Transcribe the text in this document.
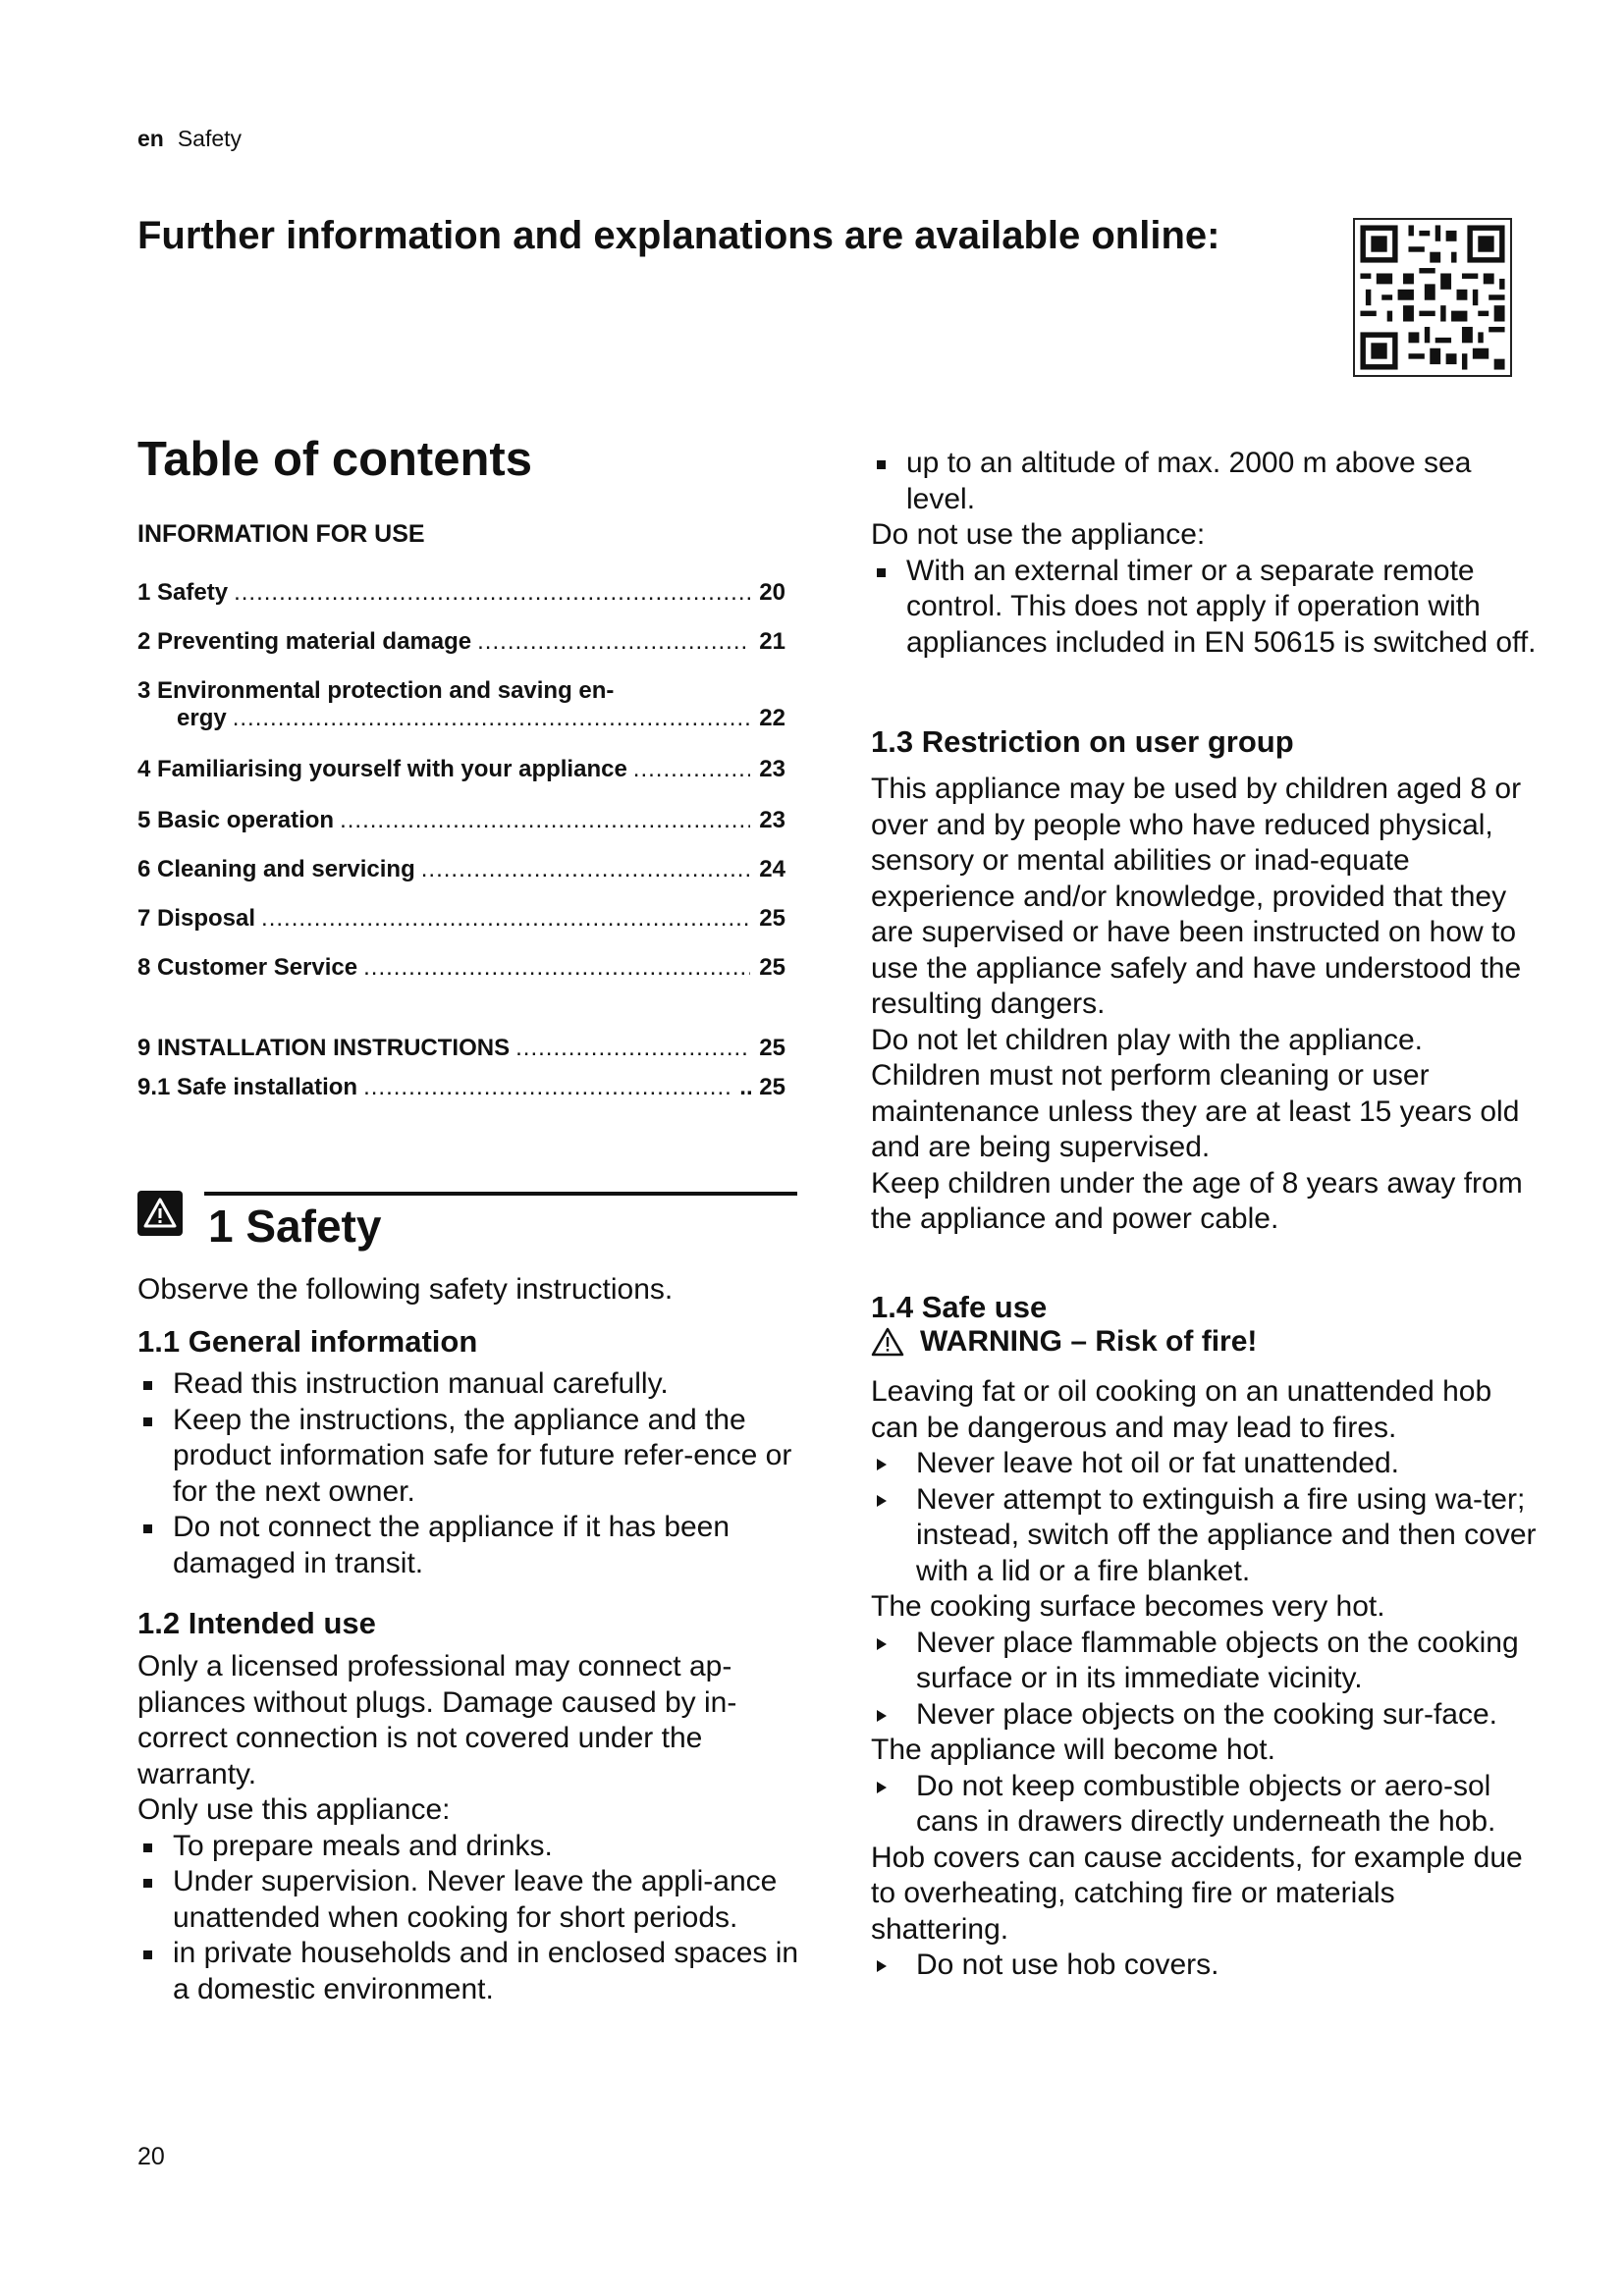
en Safety
Further information and explanations are available online:
Table of contents
INFORMATION FOR USE
1 Safety .....	20
2 Preventing material damage .....	21
3 Environmental protection and saving en-
ergy .....	22
4 Familiarising yourself with your appliance .....	23
5 Basic operation .....	23
6 Cleaning and servicing .....	24
7 Disposal .....	25
8 Customer Service .....	25
9 INSTALLATION INSTRUCTIONS .....	25
9.1 Safe installation .....	.. 25
1 Safety
Observe the following safety instructions.
1.1 General information
Read this instruction manual carefully.
Keep the instructions, the appliance and the product information safe for future refer-ence or for the next owner.
Do not connect the appliance if it has been damaged in transit.
1.2 Intended use

Only a licensed professional may connect ap-pliances without plugs. Damage caused by in-correct connection is not covered under the warranty.

Only use this appliance:

To prepare meals and drinks.
Under supervision. Never leave the appli-ance unattended when cooking for short periods.
in private households and in enclosed spaces in a domestic environment.
up to an altitude of max. 2000 m above sea level.

Do not use the appliance:

With an external timer or a separate remote control. This does not apply if operation with appliances included in EN 50615 is switched off.
1.3 Restriction on user group

This appliance may be used by children aged 8 or over and by people who have reduced physical, sensory or mental abilities or inad-equate experience and/or knowledge, provided that they are supervised or have been instructed on how to use the appliance safely and have understood the resulting dangers.

Do not let children play with the appliance.

Children must not perform cleaning or user maintenance unless they are at least 15 years old and are being supervised.

Keep children under the age of 8 years away from the appliance and power cable.

1.4 Safe use
WARNING – Risk of fire!

Leaving fat or oil cooking on an unattended hob can be dangerous and may lead to fires.

Never leave hot oil or fat unattended.
Never attempt to extinguish a fire using wa-ter; instead, switch off the appliance and then cover with a lid or a fire blanket.

The cooking surface becomes very hot.

Never place flammable objects on the cooking surface or in its immediate vicinity.
Never place objects on the cooking sur-face.

The appliance will become hot.

Do not keep combustible objects or aero-sol cans in drawers directly underneath the hob.

Hob covers can cause accidents, for example due to overheating, catching fire or materials shattering.

Do not use hob covers.
20
